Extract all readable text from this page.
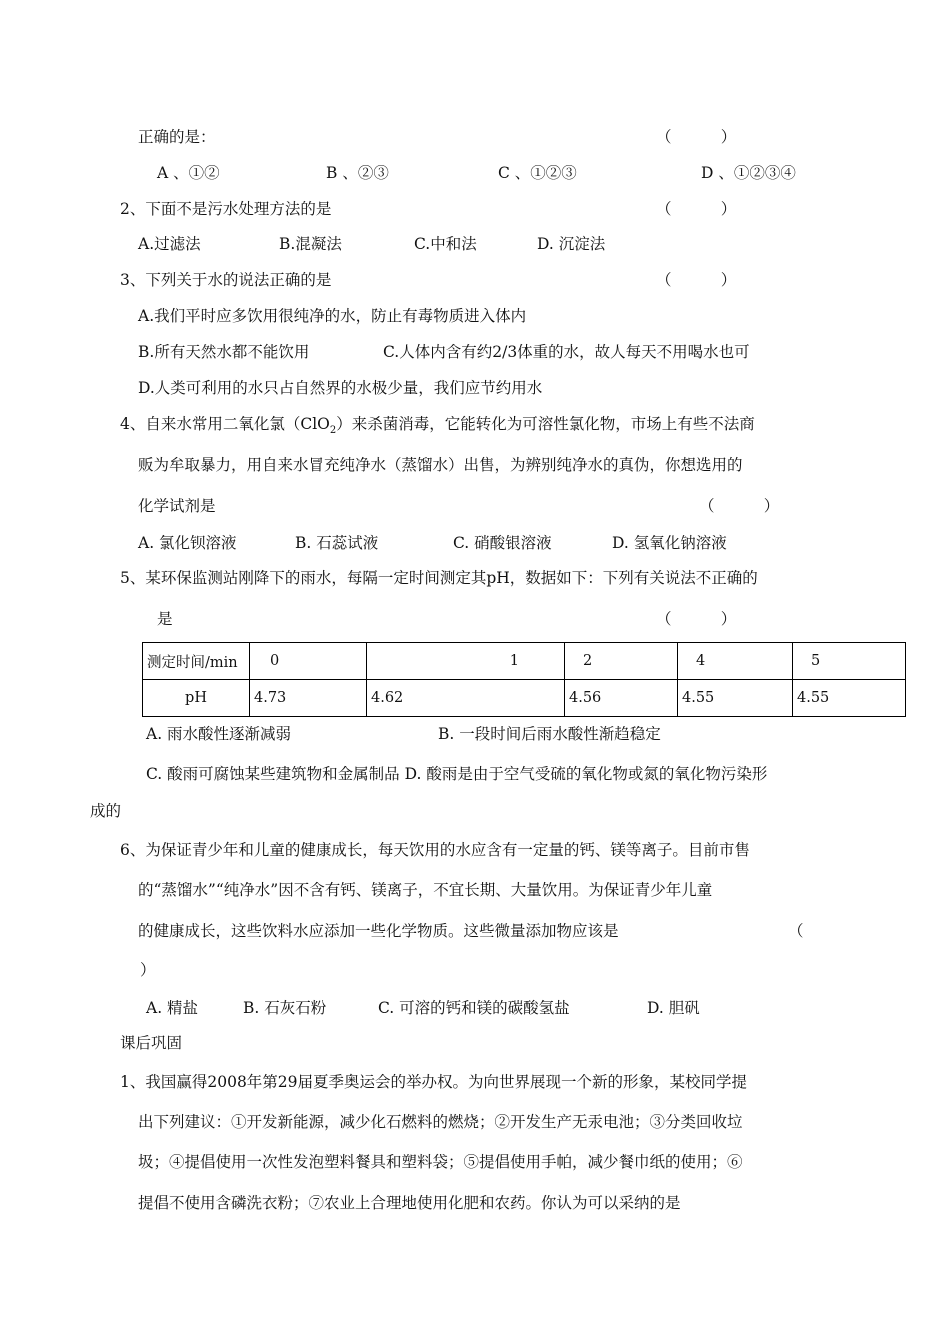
正确的是：	（          ）
A 、①②	B 、②③	C 、①②③	D 、①②③④
2、下面不是污水处理方法的是	（          ）
A.过滤法	B.混凝法	C.中和法	D. 沉淀法
3、下列关于水的说法正确的是	（          ）
A.我们平时应多饮用很纯净的水，防止有毒物质进入体内
B.所有天然水都不能饮用	C.人体内含有约2/3体重的水，故人每天不用喝水也可
D.人类可利用的水只占自然界的水极少量，我们应节约用水
4、自来水常用二氧化氯（ClO$_2$）来杀菌消毒，它能转化为可溶性氯化物，市场上有些不法商
贩为牟取暴力，用自来水冒充纯净水（蒸馏水）出售，为辨别纯净水的真伪，你想选用的
化学试剂是	（          ）
A. 氯化钡溶液	B. 石蕊试液	C. 硝酸银溶液	D. 氢氧化钠溶液
5、某环保监测站刚降下的雨水，每隔一定时间测定其pH，数据如下：下列有关说法不正确的
是	（          ）
测定时间/min	0	1	2	4	5
pH	4.73	4.62	4.56	4.55	4.55
A. 雨水酸性逐渐减弱	B. 一段时间后雨水酸性渐趋稳定
C. 酸雨可腐蚀某些建筑物和金属制品 D. 酸雨是由于空气受硫的氧化物或氮的氧化物污染形
成的
6、为保证青少年和儿童的健康成长，每天饮用的水应含有一定量的钙、镁等离子。目前市售
的“蒸馏水”“纯净水”因不含有钙、镁离子，不宜长期、大量饮用。为保证青少年儿童
的健康成长，这些饮料水应添加一些化学物质。这些微量添加物应该是	（
）
A. 精盐	B. 石灰石粉	C. 可溶的钙和镁的碳酸氢盐	D. 胆矾
课后巩固
1、我国赢得2008年第29届夏季奥运会的举办权。为向世界展现一个新的形象，某校同学提
出下列建议：①开发新能源，减少化石燃料的燃烧；②开发生产无汞电池；③分类回收垃
圾；④提倡使用一次性发泡塑料餐具和塑料袋；⑤提倡使用手帕，减少餐巾纸的使用；⑥
提倡不使用含磷洗衣粉；⑦农业上合理地使用化肥和农药。你认为可以采纳的是
